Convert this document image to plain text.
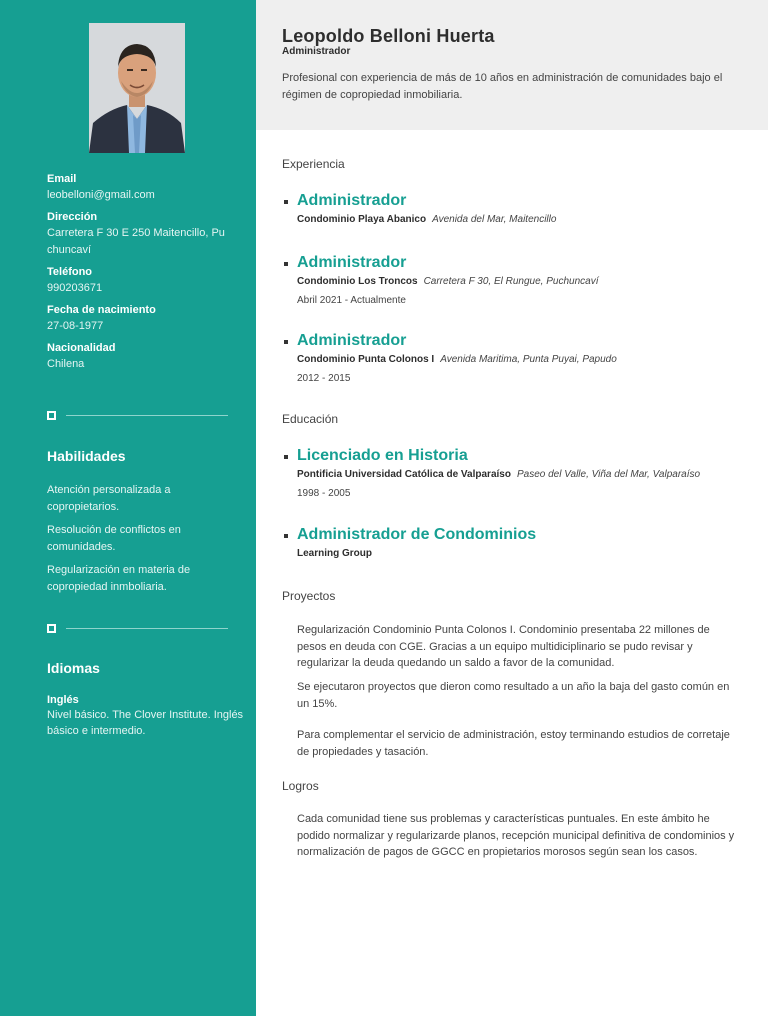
Email
leobelloni@gmail.com
Dirección
Carretera F 30 E 250 Maitencillo, Pu chuncaví
Teléfono
990203671
Fecha de nacimiento
27-08-1977
Nacionalidad
Chilena
Habilidades
Atención personalizada a copropietarios.
Resolución de conflictos en comunidades.
Regularización en materia de copropiedad inmboliaria.
Idiomas
Inglés
Nivel básico. The Clover Institute. Inglés básico e intermedio.
Leopoldo Belloni Huerta
Administrador
Profesional con experiencia de más de 10 años en administración de comunidades bajo el régimen de copropiedad inmobiliaria.
Experiencia
Administrador
Condominio Playa Abanico Avenida del Mar, Maitencillo
Administrador
Condominio Los Troncos Carretera F 30, El Rungue, Puchuncaví
Abril 2021 - Actualmente
Administrador
Condominio Punta Colonos I Avenida Maritima, Punta Puyai, Papudo
2012 - 2015
Educación
Licenciado en Historia
Pontificia Universidad Católica de Valparaíso Paseo del Valle, Viña del Mar, Valparaíso
1998 - 2005
Administrador de Condominios
Learning Group
Proyectos
Regularización Condominio Punta Colonos I. Condominio presentaba 22 millones de pesos en deuda con CGE. Gracias a un equipo multidiciplinario se pudo revisar y regularizar la deuda quedando un saldo a favor de la comunidad.
Se ejecutaron proyectos que dieron como resultado a un año la baja del gasto común en un 15%.
Para complementar el servicio de administración, estoy terminando estudios de corretaje de propiedades y tasación.
Logros
Cada comunidad tiene sus problemas y características puntuales. En este ámbito he podido normalizar y regularizarde planos, recepción municipal definitiva de condominios y normalización de pagos de GGCC en propietarios morosos según sean los casos.
